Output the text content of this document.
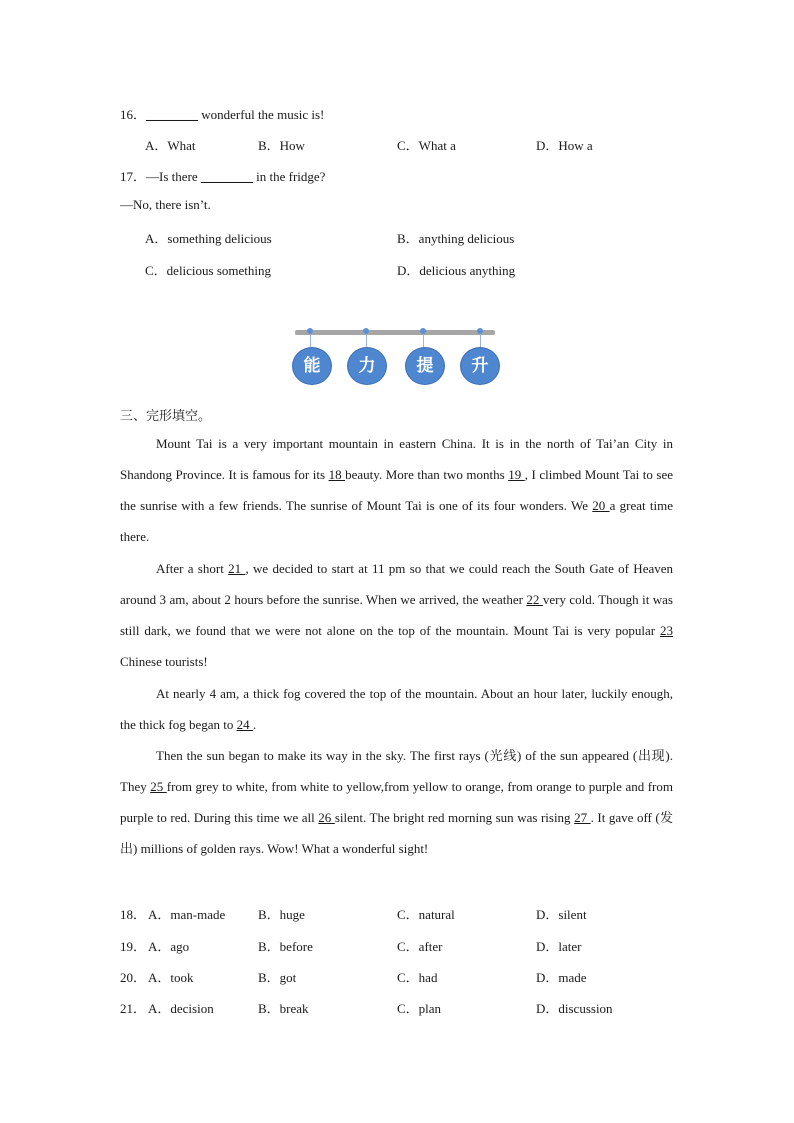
16．________ wonderful the music is!
A．What	B．How	C．What a	D．How a
17．—Is there ________ in the fridge?
—No, there isn’t.
A．something delicious	B．anything delicious
C．delicious something	D．delicious anything
能	力	提	升
三、完形填空。
Mount Tai is a very important mountain in eastern China. It is in the north of Tai’an City in Shandong Province. It is famous for its 18 beauty. More than two months 19 , I climbed Mount Tai to see the sunrise with a few friends. The sunrise of Mount Tai is one of its four wonders. We 20 a great time there.
After a short 21 , we decided to start at 11 pm so that we could reach the South Gate of Heaven around 3 am, about 2 hours before the sunrise. When we arrived, the weather 22 very cold. Though it was still dark, we found that we were not alone on the top of the mountain. Mount Tai is very popular 23 Chinese tourists!
At nearly 4 am, a thick fog covered the top of the mountain. About an hour later, luckily enough, the thick fog began to 24 .
Then the sun began to make its way in the sky. The first rays (光线) of the sun appeared (出现). They 25 from grey to white, from white to yellow,from yellow to orange, from orange to purple and from purple to red. During this time we all 26 silent. The bright red morning sun was rising 27 . It gave off (发出) millions of golden rays. Wow! What a wonderful sight!
18． A．man-made	B．huge	C．natural	D．silent
19． A．ago	B．before	C．after	D．later
20． A．took	B．got	C．had	D．made
21． A．decision	B．break	C．plan	D．discussion
